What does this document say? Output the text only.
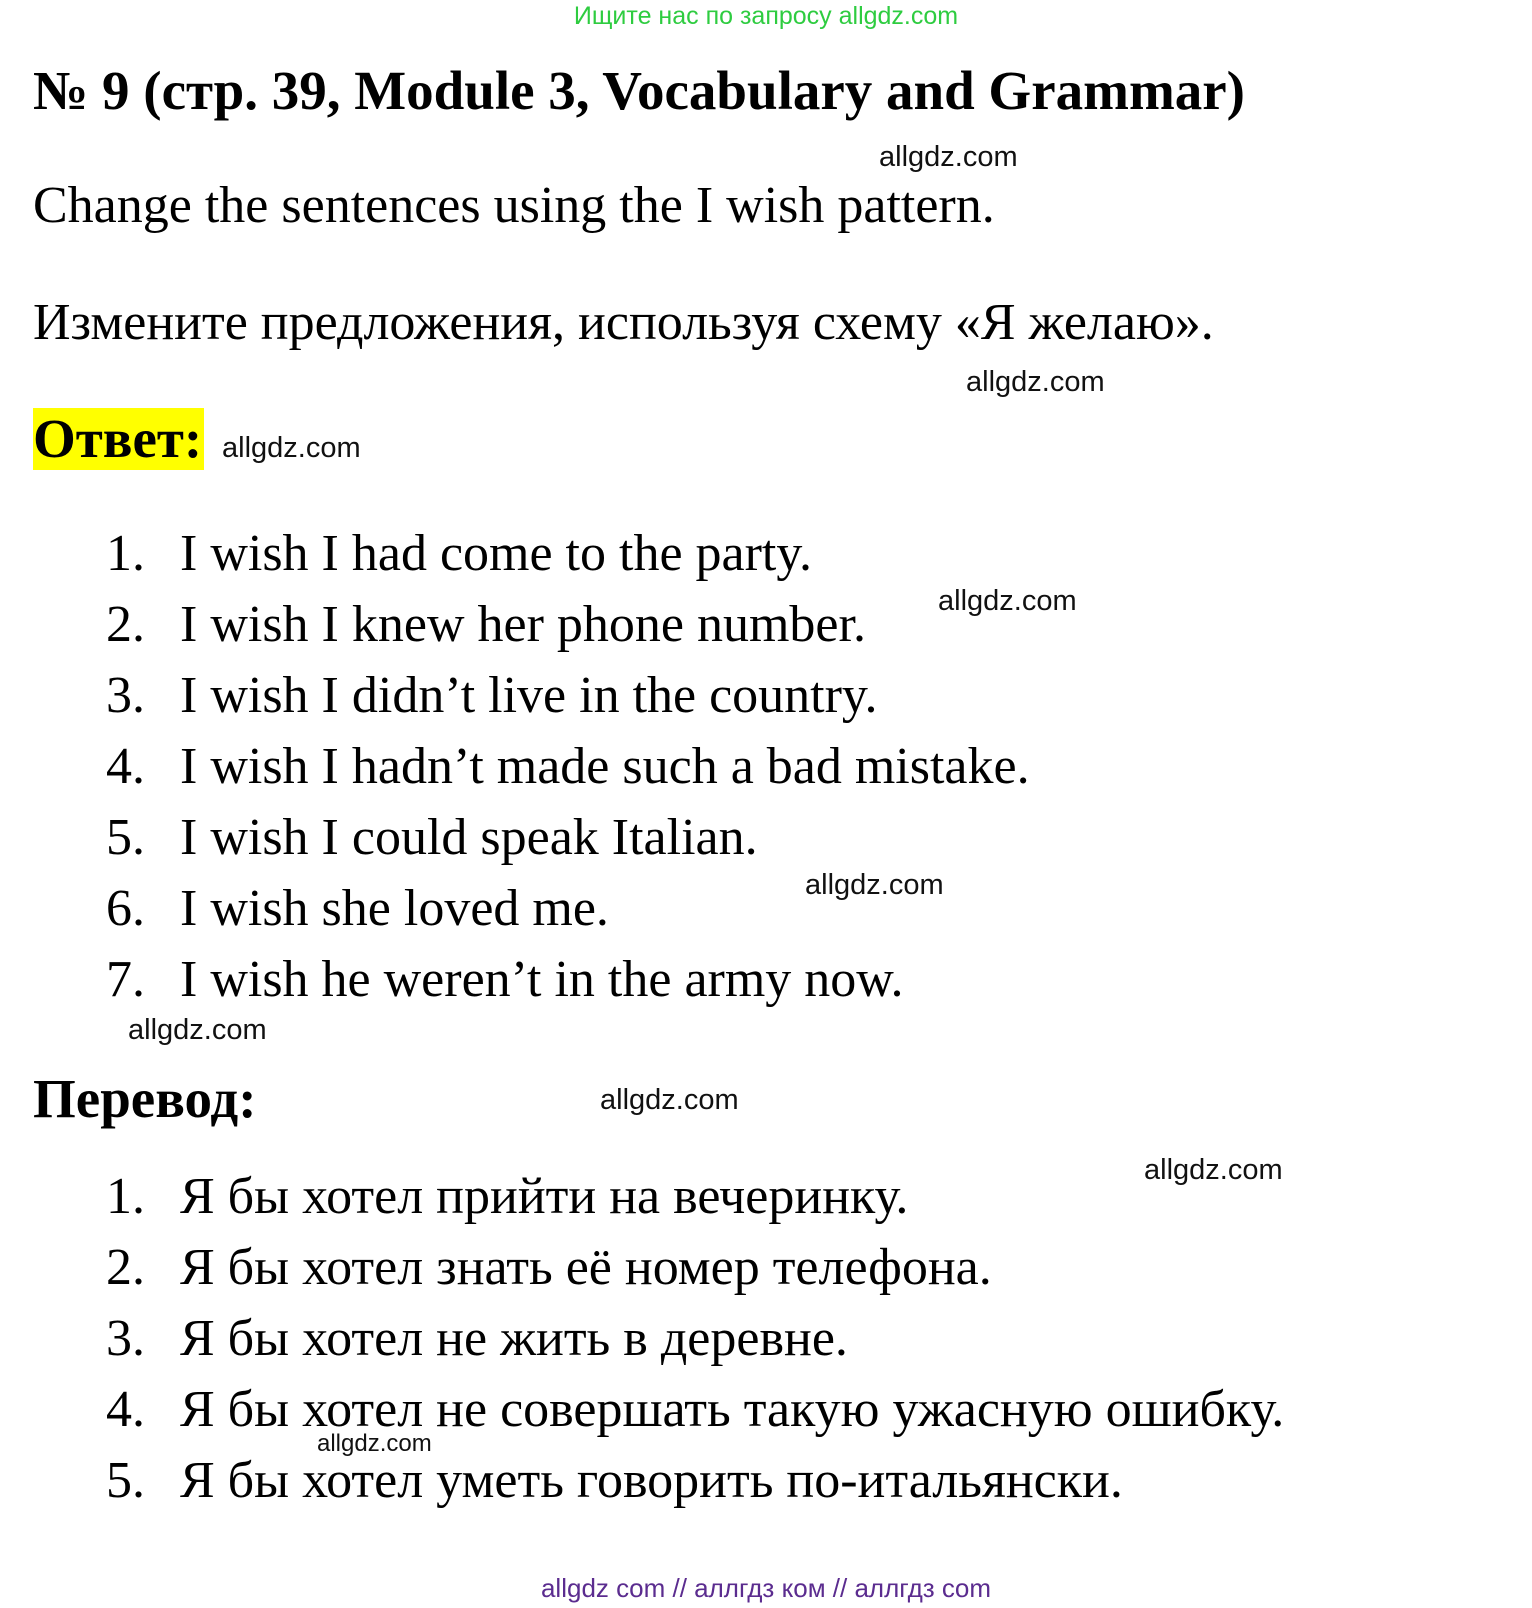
Ищите нас по запросу allgdz.com
№ 9 (стр. 39, Module 3, Vocabulary and Grammar)
Change the sentences using the I wish pattern.
Измените предложения, используя схему «Я желаю».
Ответ:
1. I wish I had come to the party.
2. I wish I knew her phone number.
3. I wish I didn’t live in the country.
4. I wish I hadn’t made such a bad mistake.
5. I wish I could speak Italian.
6. I wish she loved me.
7. I wish he weren’t in the army now.
Перевод:
1. Я бы хотел прийти на вечеринку.
2. Я бы хотел знать её номер телефона.
3. Я бы хотел не жить в деревне.
4. Я бы хотел не совершать такую ужасную ошибку.
5. Я бы хотел уметь говорить по-итальянски.
allgdz.com
allgdz.com
allgdz.com
allgdz.com
allgdz.com
allgdz.com
allgdz.com
allgdz.com
allgdz.com
allgdz com // аллгдз ком // аллгдз com
